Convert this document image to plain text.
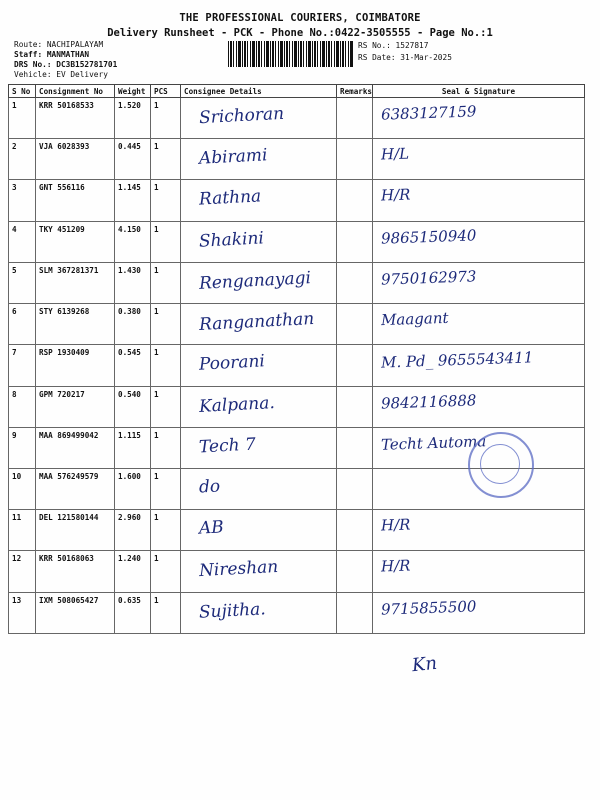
THE PROFESSIONAL COURIERS, COIMBATORE
Delivery Runsheet - PCK - Phone No.:0422-3505555 - Page No.:1
Route: NACHIPALAYAM
Staff: MANMATHAN
DRS No.: DC3B152781701
Vehicle: EV Delivery
RS No.: 1527817
RS Date: 31-Mar-2025
S No	Consignment No	Weight	PCS	Consignee Details	Remarks	Seal & Signature
1	KRR 50168533	1.520	1	Srichoran		6383127159

2	VJA 6028393	0.445	1	Abirami		H/L

3	GNT 556116	1.145	1	Rathna		H/R

4	TKY 451209	4.150	1	Shakini		9865150940

5	SLM 367281371	1.430	1	Renganayagi		9750162973

6	STY 6139268	0.380	1	Ranganathan		Maagant

7	RSP 1930409	0.545	1	Poorani		M. Pd_ 9655543411

8	GPM 720217	0.540	1	Kalpana.		9842116888

9	MAA 869499042	1.115	1	Tech 7		Techt Automa

10	MAA 576249579	1.600	1	do		

11	DEL 121580144	2.960	1	AB		H/R

12	KRR 50168063	1.240	1	Nireshan		H/R

13	IXM 508065427	0.635	1	Sujitha.		9715855500
Kn
